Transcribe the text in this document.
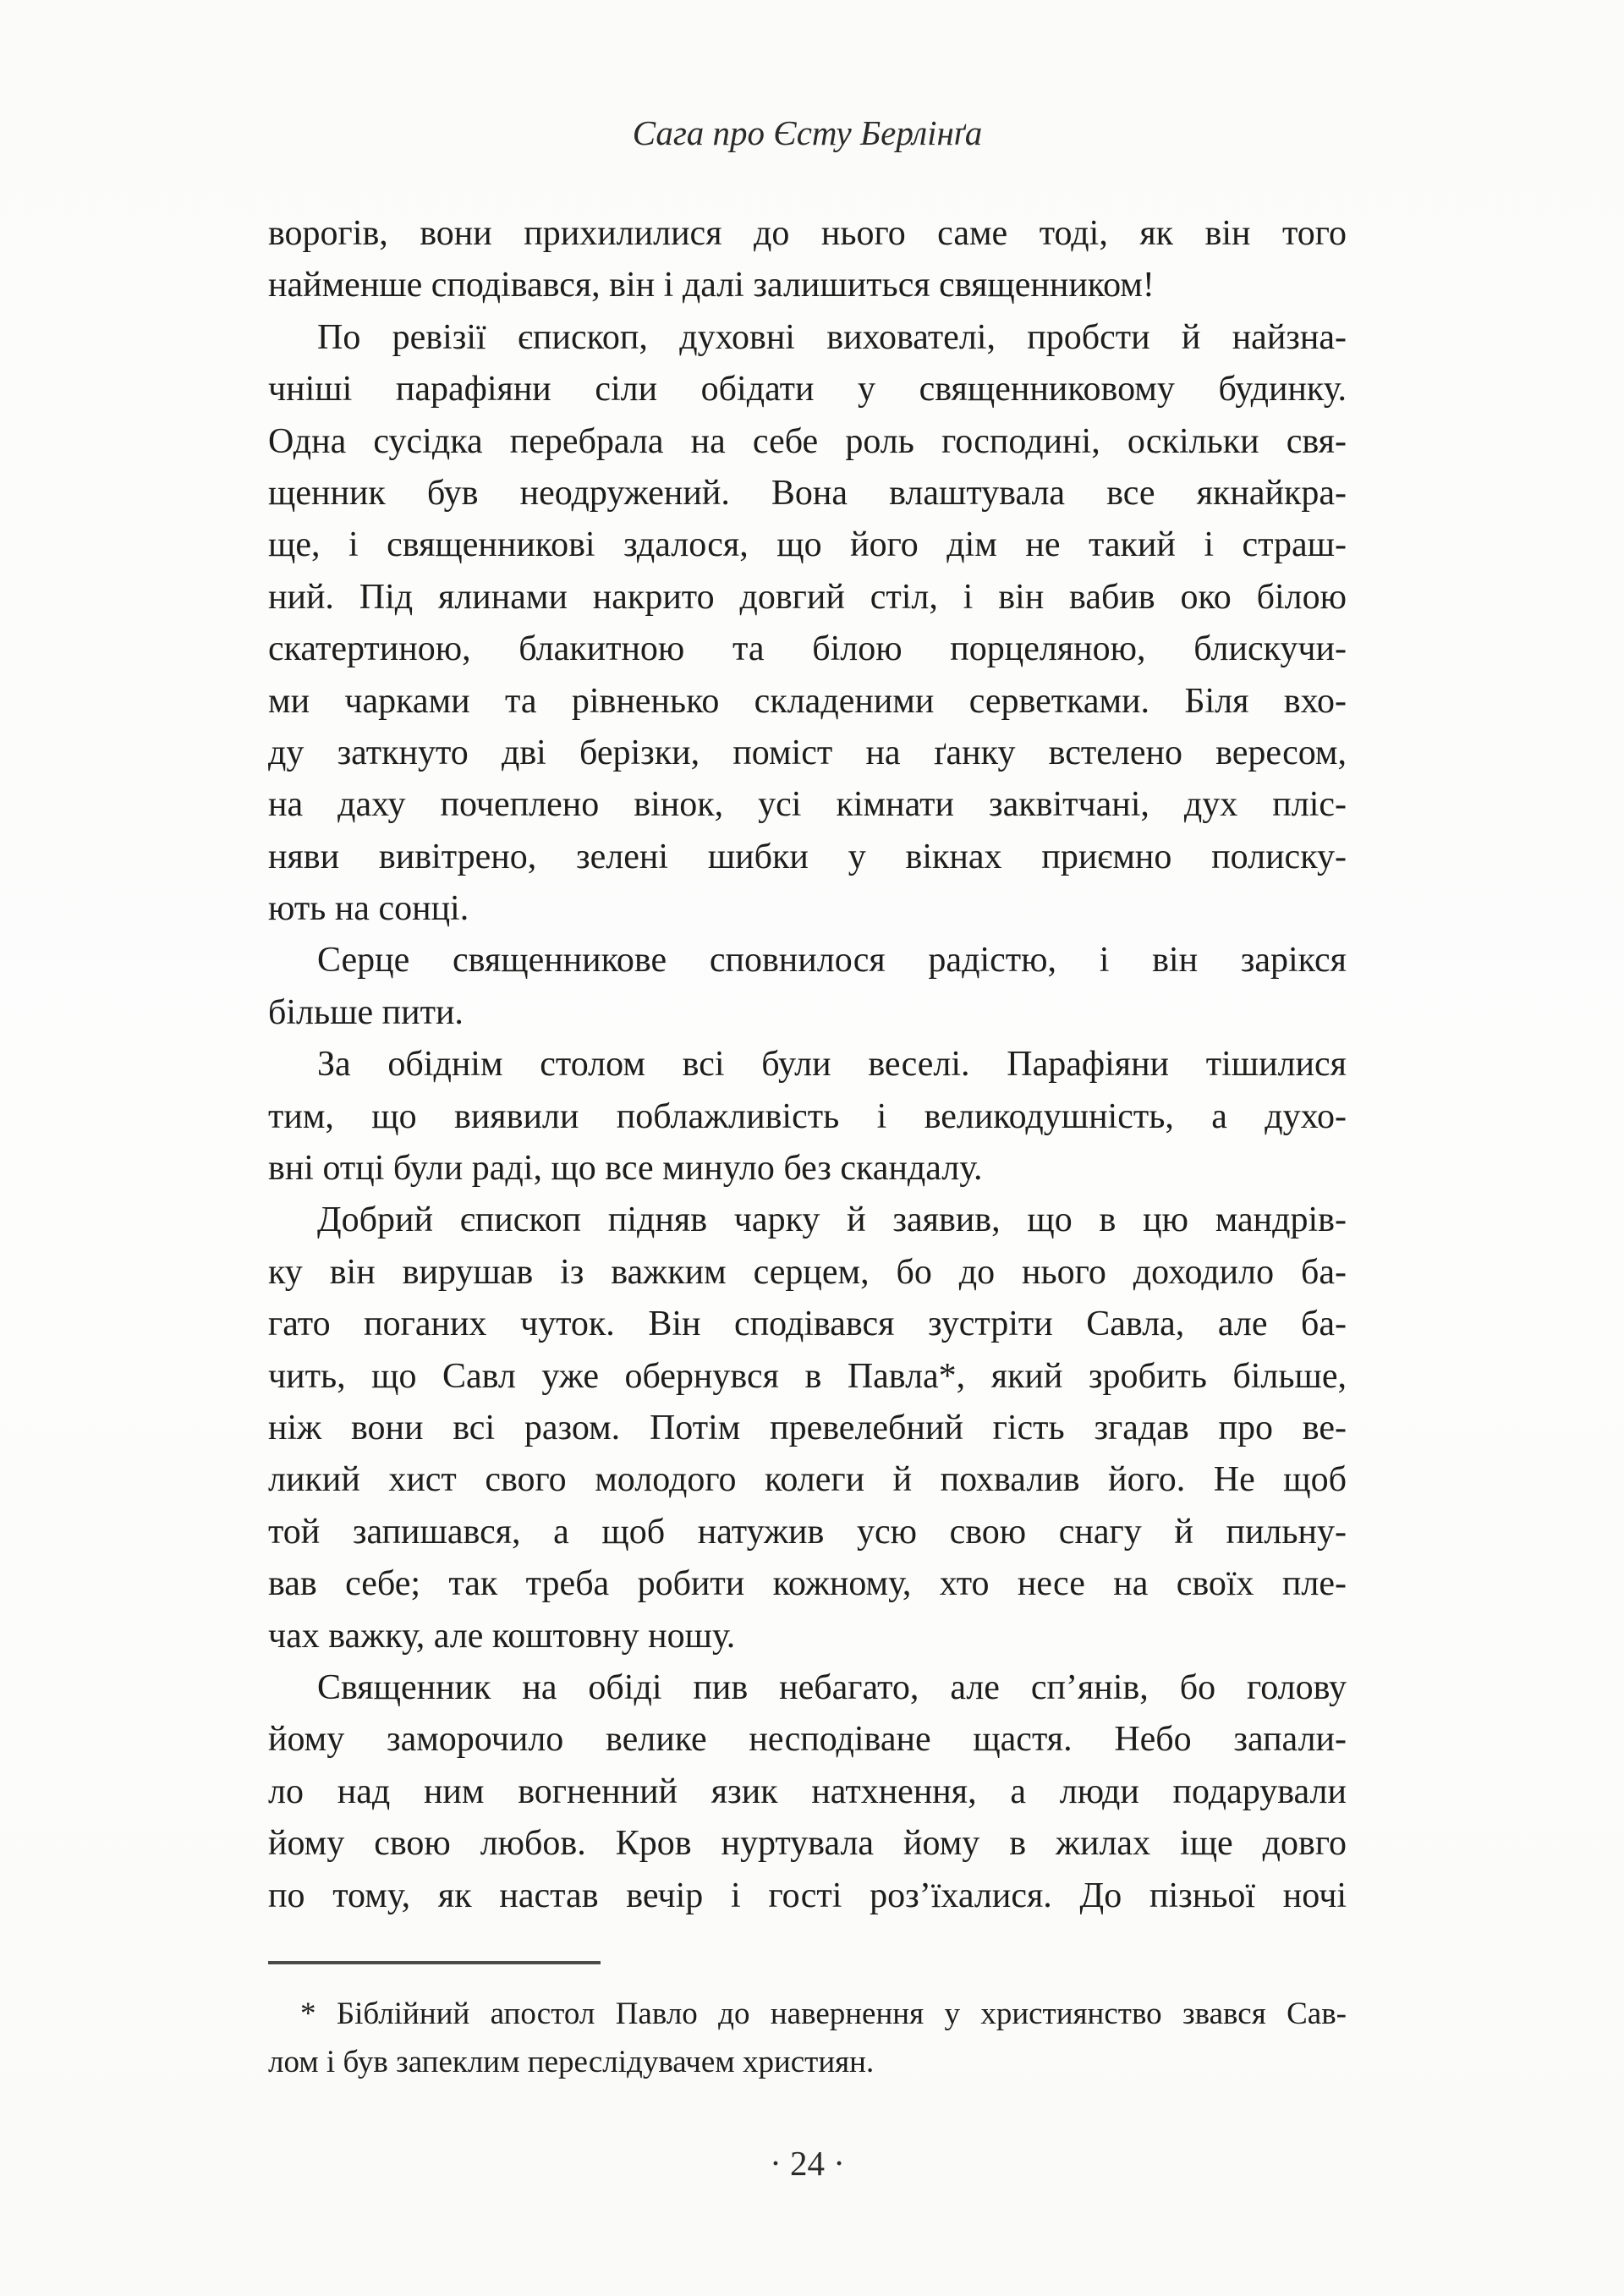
Сага про Єсту Берлінґа
ворогів, вони прихилилися до нього саме тоді, як він того
найменше сподівався, він і далі залишиться священником!
По ревізії єпископ, духовні вихователі, пробсти й найзна-
чніші парафіяни сіли обідати у священниковому будинку.
Одна сусідка перебрала на себе роль господині, оскільки свя-
щенник був неодружений. Вона влаштувала все якнайкра-
ще, і священникові здалося, що його дім не такий і страш-
ний. Під ялинами накрито довгий стіл, і він вабив око білою
скатертиною, блакитною та білою порцеляною, блискучи-
ми чарками та рівненько складеними серветками. Біля вхо-
ду заткнуто дві берізки, поміст на ґанку встелено вересом,
на даху почеплено вінок, усі кімнати заквітчані, дух пліс-
няви вивітрено, зелені шибки у вікнах приємно полиску-
ють на сонці.
Серце священникове сповнилося радістю, і він зарікся
більше пити.
За обіднім столом всі були веселі. Парафіяни тішилися
тим, що виявили поблажливість і великодушність, а духо-
вні отці були раді, що все минуло без скандалу.
Добрий єпископ підняв чарку й заявив, що в цю мандрів-
ку він вирушав із важким серцем, бо до нього доходило ба-
гато поганих чуток. Він сподівався зустріти Савла, але ба-
чить, що Савл уже обернувся в Павла*, який зробить більше,
ніж вони всі разом. Потім превелебний гість згадав про ве-
ликий хист свого молодого колеги й похвалив його. Не щоб
той запишався, а щоб натужив усю свою снагу й пильну-
вав себе; так треба робити кожному, хто несе на своїх пле-
чах важку, але коштовну ношу.
Священник на обіді пив небагато, але сп’янів, бо голову
йому заморочило велике несподіване щастя. Небо запали-
ло над ним вогненний язик натхнення, а люди подарували
йому свою любов. Кров нуртувала йому в жилах іще довго
по тому, як настав вечір і гості роз’їхалися. До пізньої ночі
* Біблійний апостол Павло до навернення у християнство звався Сав-
лом і був запеклим переслідувачем християн.
· 24 ·
